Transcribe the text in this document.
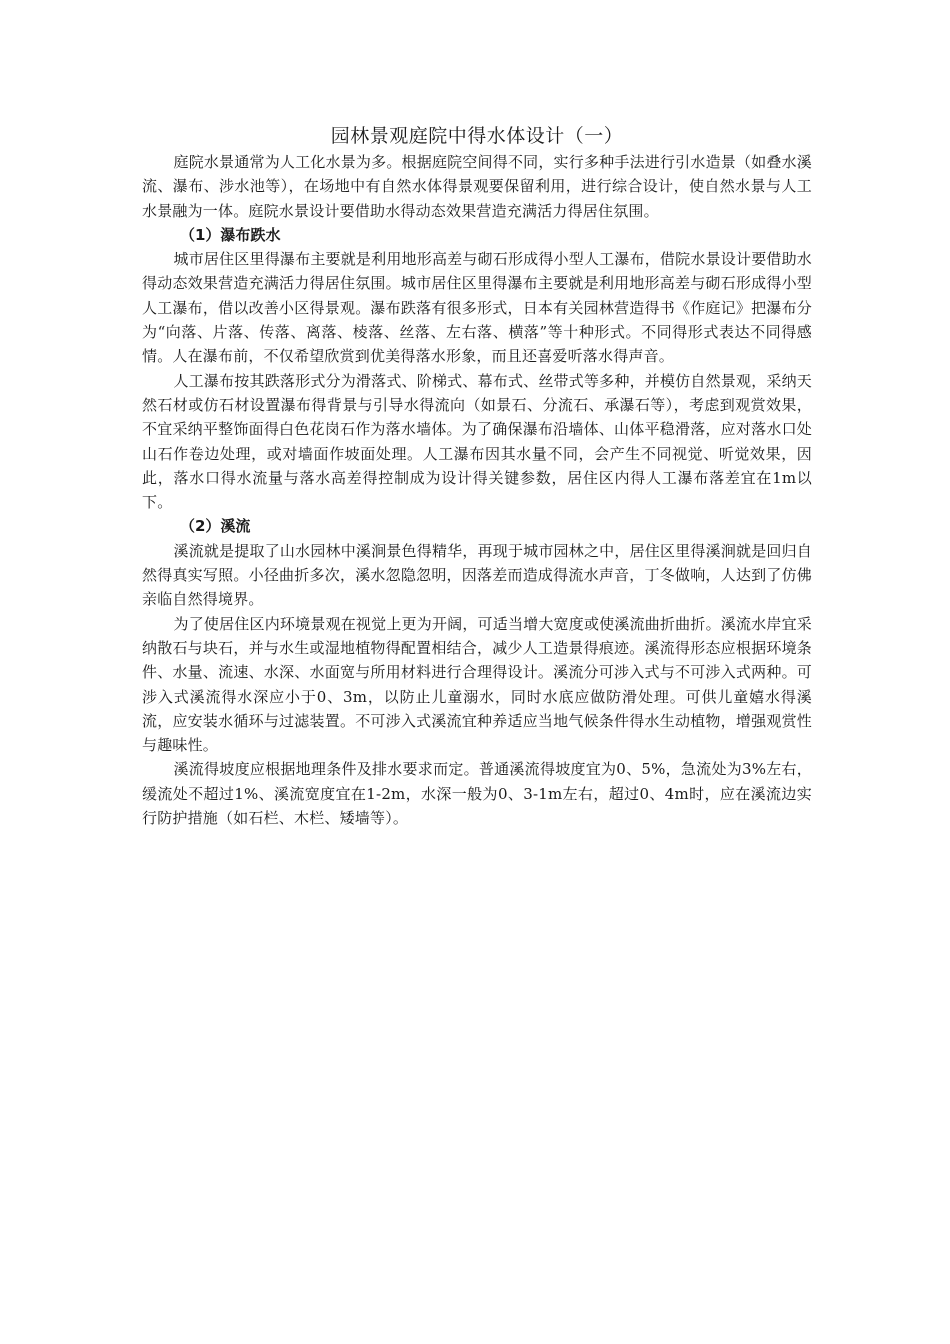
园林景观庭院中得水体设计（一）

庭院水景通常为人工化水景为多。根据庭院空间得不同，实行多种手法进行引水造景（如叠水溪流、瀑布、涉水池等），在场地中有自然水体得景观要保留利用，进行综合设计，使自然水景与人工水景融为一体。庭院水景设计要借助水得动态效果营造充满活力得居住氛围。

（1）瀑布跌水

城市居住区里得瀑布主要就是利用地形高差与砌石形成得小型人工瀑布，借院水景设计要借助水得动态效果营造充满活力得居住氛围。城市居住区里得瀑布主要就是利用地形高差与砌石形成得小型人工瀑布，借以改善小区得景观。瀑布跌落有很多形式，日本有关园林营造得书《作庭记》把瀑布分为“向落、片落、传落、离落、棱落、丝落、左右落、横落”等十种形式。不同得形式表达不同得感情。人在瀑布前，不仅希望欣赏到优美得落水形象，而且还喜爱听落水得声音。

人工瀑布按其跌落形式分为滑落式、阶梯式、幕布式、丝带式等多种，并模仿自然景观，采纳天然石材或仿石材设置瀑布得背景与引导水得流向（如景石、分流石、承瀑石等），考虑到观赏效果，不宜采纳平整饰面得白色花岗石作为落水墙体。为了确保瀑布沿墙体、山体平稳滑落，应对落水口处山石作卷边处理，或对墙面作坡面处理。人工瀑布因其水量不同，会产生不同视觉、听觉效果，因此，落水口得水流量与落水高差得控制成为设计得关键参数，居住区内得人工瀑布落差宜在1m以下。

（2）溪流

溪流就是提取了山水园林中溪涧景色得精华，再现于城市园林之中，居住区里得溪涧就是回归自然得真实写照。小径曲折多次，溪水忽隐忽明，因落差而造成得流水声音，丁冬做响，人达到了仿佛亲临自然得境界。

为了使居住区内环境景观在视觉上更为开阔，可适当增大宽度或使溪流曲折曲折。溪流水岸宜采纳散石与块石，并与水生或湿地植物得配置相结合，减少人工造景得痕迹。溪流得形态应根据环境条件、水量、流速、水深、水面宽与所用材料进行合理得设计。溪流分可涉入式与不可涉入式两种。可涉入式溪流得水深应小于0、3m，以防止儿童溺水，同时水底应做防滑处理。可供儿童嬉水得溪流，应安装水循环与过滤装置。不可涉入式溪流宜种养适应当地气候条件得水生动植物，增强观赏性与趣味性。

溪流得坡度应根据地理条件及排水要求而定。普通溪流得坡度宜为0、5%，急流处为3%左右，缓流处不超过1%、溪流宽度宜在1-2m，水深一般为0、3-1m左右，超过0、4m时，应在溪流边实行防护措施（如石栏、木栏、矮墙等）。
